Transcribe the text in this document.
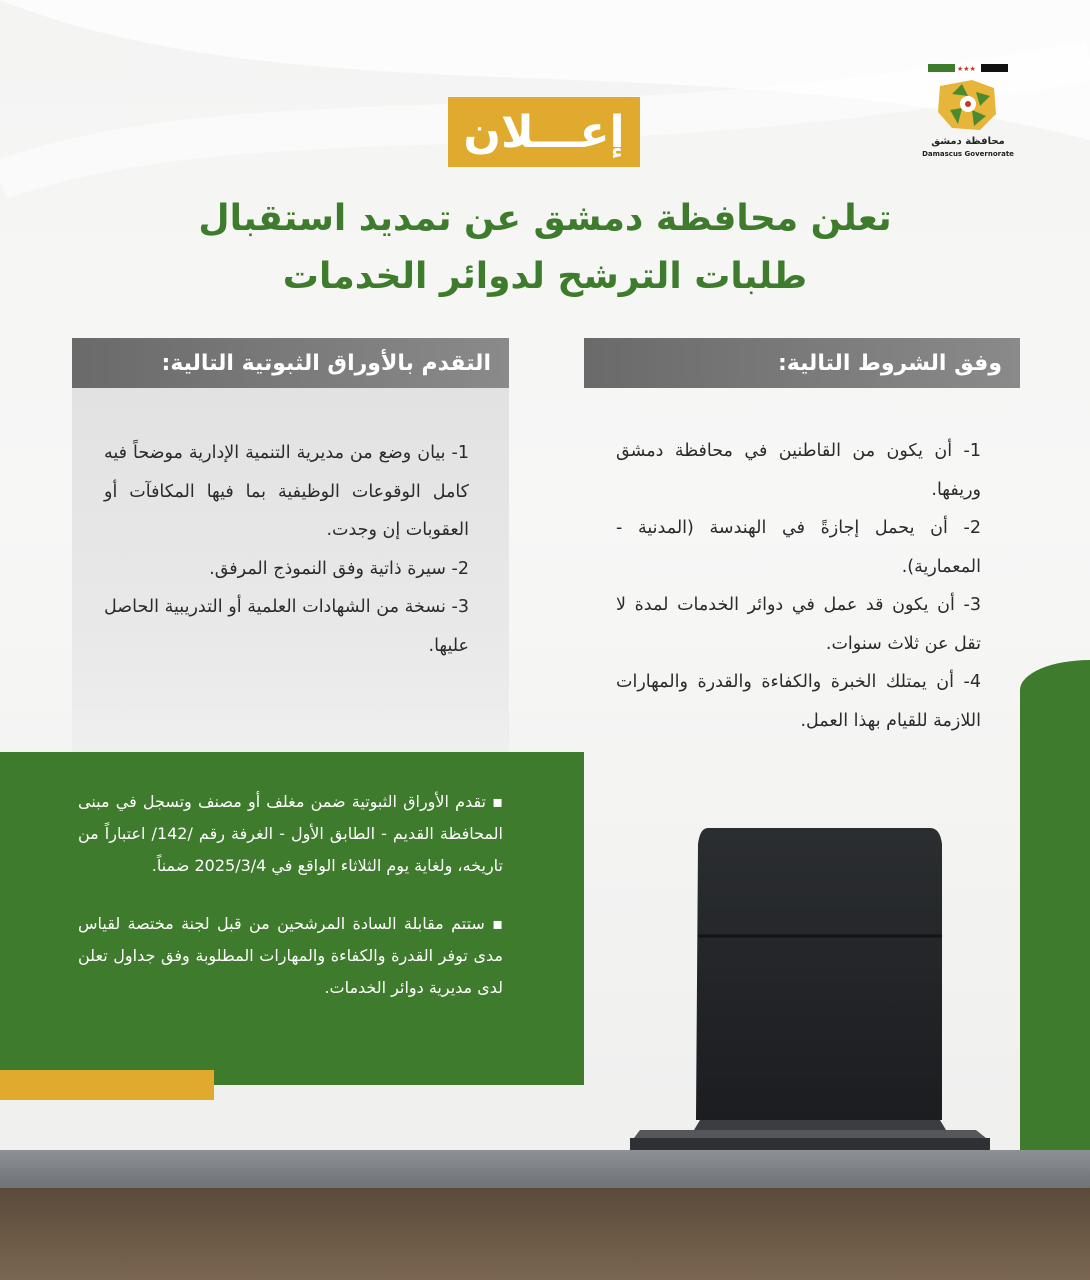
★★★
محافظة دمشق
Damascus Governorate
إعـــلان
تعلن محافظة دمشق عن تمديد استقبال
طلبات الترشح لدوائر الخدمات
وفق الشروط التالية:
التقدم بالأوراق الثبوتية التالية:

1- أن يكون من القاطنين في محافظة دمشق وريفها.

2- أن يحمل إجازةً في الهندسة (المدنية - المعمارية).

3- أن يكون قد عمل في دوائر الخدمات لمدة لا تقل عن ثلاث سنوات.

4- أن يمتلك الخبرة والكفاءة والقدرة والمهارات اللازمة للقيام بهذا العمل.

1- بيان وضع من مديرية التنمية الإدارية موضحاً فيه كامل الوقوعات الوظيفية بما فيها المكافآت أو العقوبات إن وجدت.

2- سيرة ذاتية وفق النموذج المرفق.

3- نسخة من الشهادات العلمية أو التدريبية الحاصل عليها.

▪ تقدم الأوراق الثبوتية ضمن مغلف أو مصنف وتسجل في مبنى المحافظة القديم - الطابق الأول - الغرفة رقم /142/ اعتباراً من تاريخه، ولغاية يوم الثلاثاء الواقع في 2025/3/4 ضمناً.

▪ ستتم مقابلة السادة المرشحين من قبل لجنة مختصة لقياس مدى توفر القدرة والكفاءة والمهارات المطلوبة وفق جداول تعلن لدى مديرية دوائر الخدمات.
